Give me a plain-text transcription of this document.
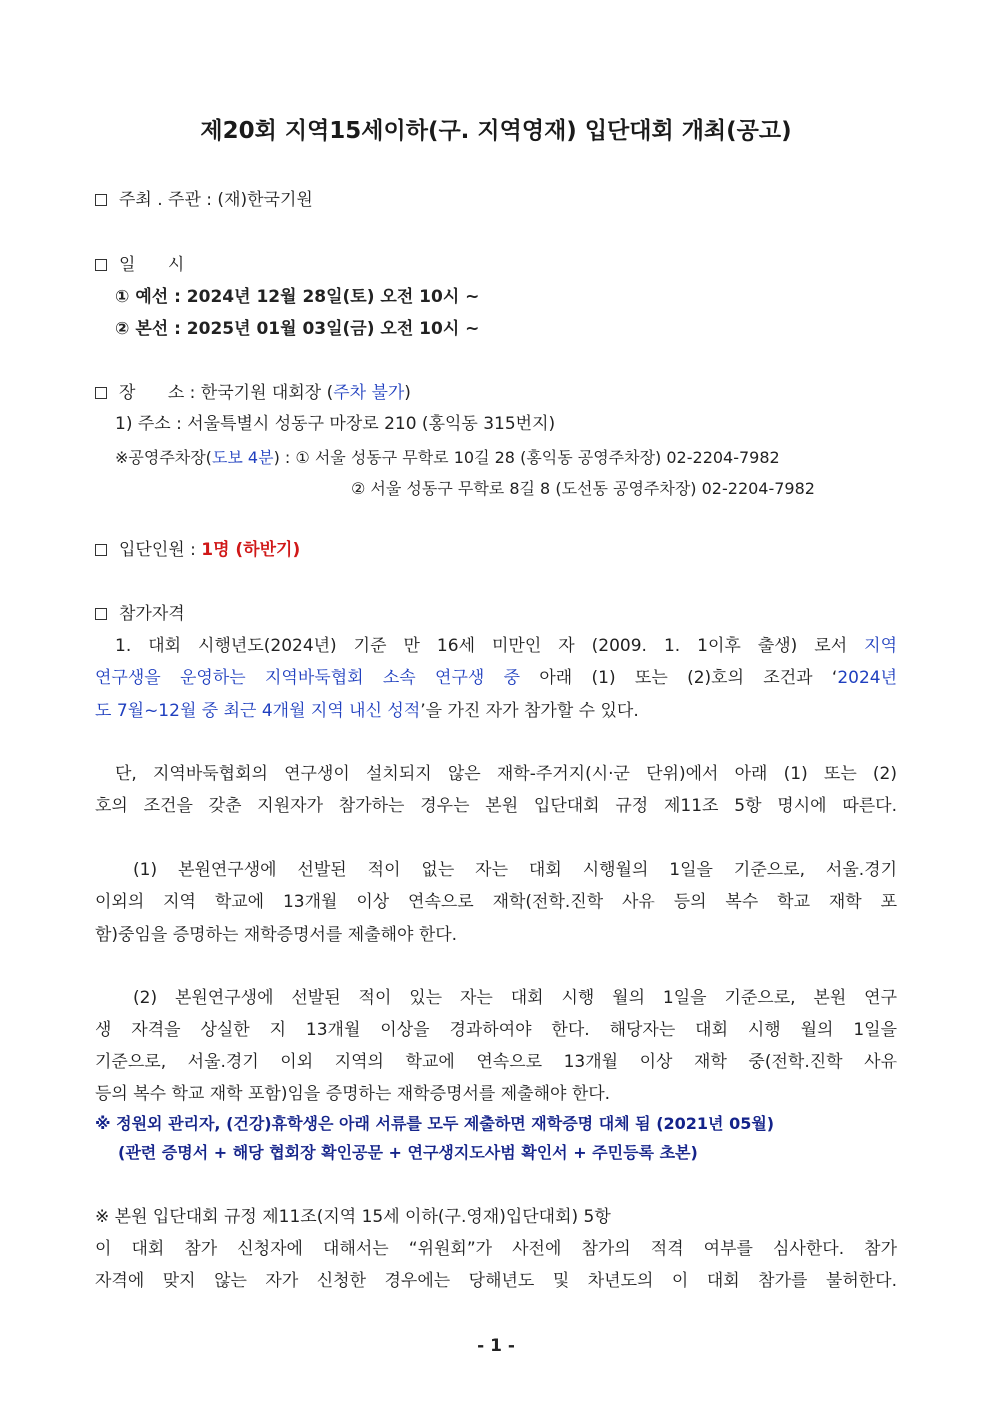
제20회 지역15세이하(구. 지역영재) 입단대회 개최(공고)
주최 . 주관 : (재)한국기원
일      시
① 예선 : 2024년 12월 28일(토) 오전 10시 ~
② 본선 : 2025년 01월 03일(금) 오전 10시 ~
장      소 : 한국기원 대회장 (주차 불가)
1) 주소 : 서울특별시 성동구 마장로 210 (홍익동 315번지)
※공영주차장(도보 4분) : ① 서울 성동구 무학로 10길 28 (홍익동 공영주차장) 02-2204-7982
② 서울 성동구 무학로 8길 8 (도선동 공영주차장) 02-2204-7982
입단인원 : 1명 (하반기)
참가자격
1. 대회 시행년도(2024년) 기준 만 16세 미만인 자 (2009. 1. 1이후 출생) 로서 지역
연구생을 운영하는 지역바둑협회 소속 연구생 중 아래 (1) 또는 (2)호의 조건과 ‘2024년
도 7월~12월 중 최근 4개월 지역 내신 성적’을 가진 자가 참가할 수 있다.
단, 지역바둑협회의 연구생이 설치되지 않은 재학-주거지(시·군 단위)에서 아래 (1) 또는 (2)
호의 조건을 갖춘 지원자가 참가하는 경우는 본원 입단대회 규정 제11조 5항 명시에 따른다.
(1) 본원연구생에 선발된 적이 없는 자는 대회 시행월의 1일을 기준으로, 서울.경기
이외의 지역 학교에 13개월 이상 연속으로 재학(전학.진학 사유 등의 복수 학교 재학 포
함)중임을 증명하는 재학증명서를 제출해야 한다.
(2) 본원연구생에 선발된 적이 있는 자는 대회 시행 월의 1일을 기준으로, 본원 연구
생 자격을 상실한 지 13개월 이상을 경과하여야 한다. 해당자는 대회 시행 월의 1일을
기준으로, 서울.경기 이외 지역의 학교에 연속으로 13개월 이상 재학 중(전학.진학 사유
등의 복수 학교 재학 포함)임을 증명하는 재학증명서를 제출해야 한다.
※ 정원외 관리자, (건강)휴학생은 아래 서류를 모두 제출하면 재학증명 대체 됨 (2021년 05월)
(관련 증명서 + 해당 협회장 확인공문 + 연구생지도사범 확인서 + 주민등록 초본)
※ 본원 입단대회 규정 제11조(지역 15세 이하(구.영재)입단대회) 5항
이 대회 참가 신청자에 대해서는 “위원회”가 사전에 참가의 적격 여부를 심사한다. 참가
자격에 맞지 않는 자가 신청한 경우에는 당해년도 및 차년도의 이 대회 참가를 불허한다.
- 1 -
